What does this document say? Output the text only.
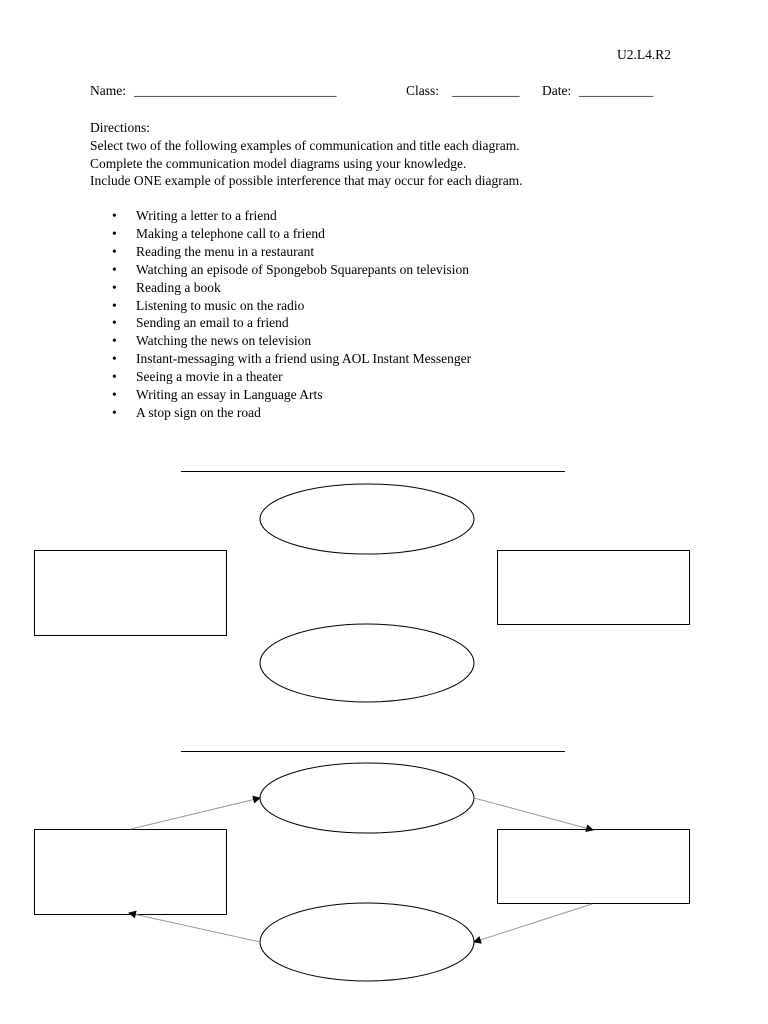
U2.L4.R2
Name: ______________________________	Class: __________ Date: ___________
Directions:
Select two of the following examples of communication and title each diagram.
Complete the communication model diagrams using your knowledge.
Include ONE example of possible interference that may occur for each diagram.
• Writing a letter to a friend
• Making a telephone call to a friend
• Reading the menu in a restaurant
• Watching an episode of Spongebob Squarepants on television
• Reading a book
• Listening to music on the radio
• Sending an email to a friend
• Watching the news on television
• Instant-messaging with a friend using AOL Instant Messenger
• Seeing a movie in a theater
• Writing an essay in Language Arts
• A stop sign on the road
